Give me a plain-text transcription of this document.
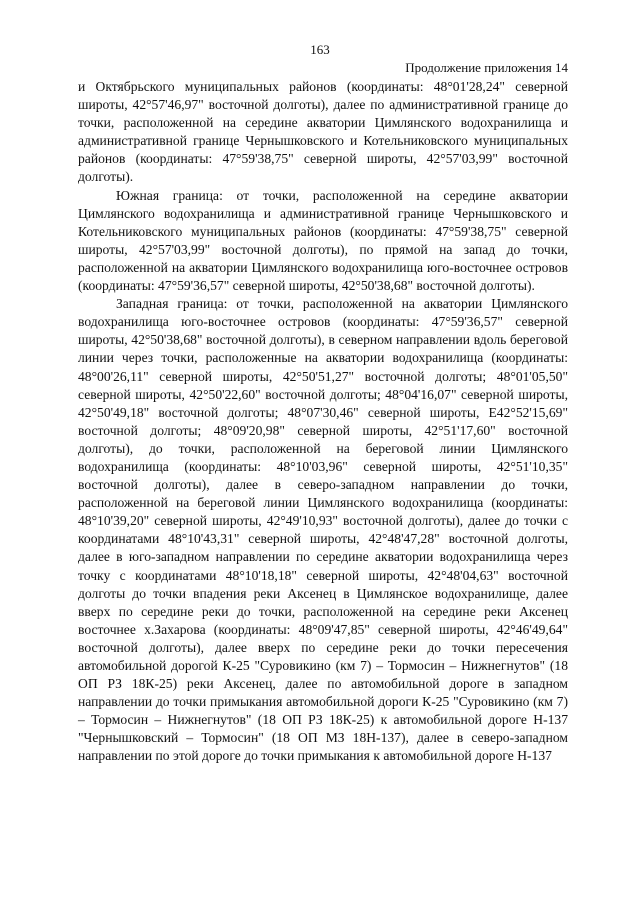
163
Продолжение приложения 14

и Октябрьского муниципальных районов (координаты: 48°01'28,24" северной широты, 42°57'46,97" восточной долготы), далее по административной границе до точки, расположенной на середине акватории Цимлянского водохранилища и административной границе Чернышковского и Котельниковского муниципальных районов (координаты: 47°59'38,75" северной широты, 42°57'03,99" восточной долготы).

Южная граница: от точки, расположенной на середине акватории Цимлянского водохранилища и административной границе Чернышковского и Котельниковского муниципальных районов (координаты: 47°59'38,75" северной широты, 42°57'03,99" восточной долготы), по прямой на запад до точки, расположенной на акватории Цимлянского водохранилища юго-восточнее островов (координаты: 47°59'36,57" северной широты, 42°50'38,68" восточной долготы).

Западная граница: от точки, расположенной на акватории Цимлянского водохранилища юго-восточнее островов (координаты: 47°59'36,57" северной широты, 42°50'38,68" восточной долготы), в северном направлении вдоль береговой линии через точки, расположенные на акватории водохранилища (координаты: 48°00'26,11" северной широты, 42°50'51,27" восточной долготы; 48°01'05,50" северной широты, 42°50'22,60" восточной долготы; 48°04'16,07" северной широты, 42°50'49,18" восточной долготы; 48°07'30,46" северной широты, Е42°52'15,69" восточной долготы; 48°09'20,98" северной широты, 42°51'17,60" восточной долготы), до точки, расположенной на береговой линии Цимлянского водохранилища (координаты: 48°10'03,96" северной широты, 42°51'10,35" восточной долготы), далее в северо-западном направлении до точки, расположенной на береговой линии Цимлянского водохранилища (координаты: 48°10'39,20" северной широты, 42°49'10,93" восточной долготы), далее до точки с координатами 48°10'43,31" северной широты, 42°48'47,28" восточной долготы, далее в юго-западном направлении по середине акватории водохранилища через точку с координатами 48°10'18,18" северной широты, 42°48'04,63" восточной долготы до точки впадения реки Аксенец в Цимлянское водохранилище, далее вверх по середине реки до точки, расположенной на середине реки Аксенец восточнее х.Захарова (координаты: 48°09'47,85" северной широты, 42°46'49,64" восточной долготы), далее вверх по середине реки до точки пересечения автомобильной дорогой К-25 "Суровикино (км 7) – Тормосин – Нижнегнутов" (18 ОП РЗ 18К-25) реки Аксенец, далее по автомобильной дороге в западном направлении до точки примыкания автомобильной дороги К-25 "Суровикино (км 7) – Тормосин – Нижнегнутов" (18 ОП РЗ 18К-25) к автомобильной дороге Н-137 "Чернышковский – Тормосин" (18 ОП МЗ 18Н-137), далее в северо-западном направлении по этой дороге до точки примыкания к автомобильной дороге Н-137
